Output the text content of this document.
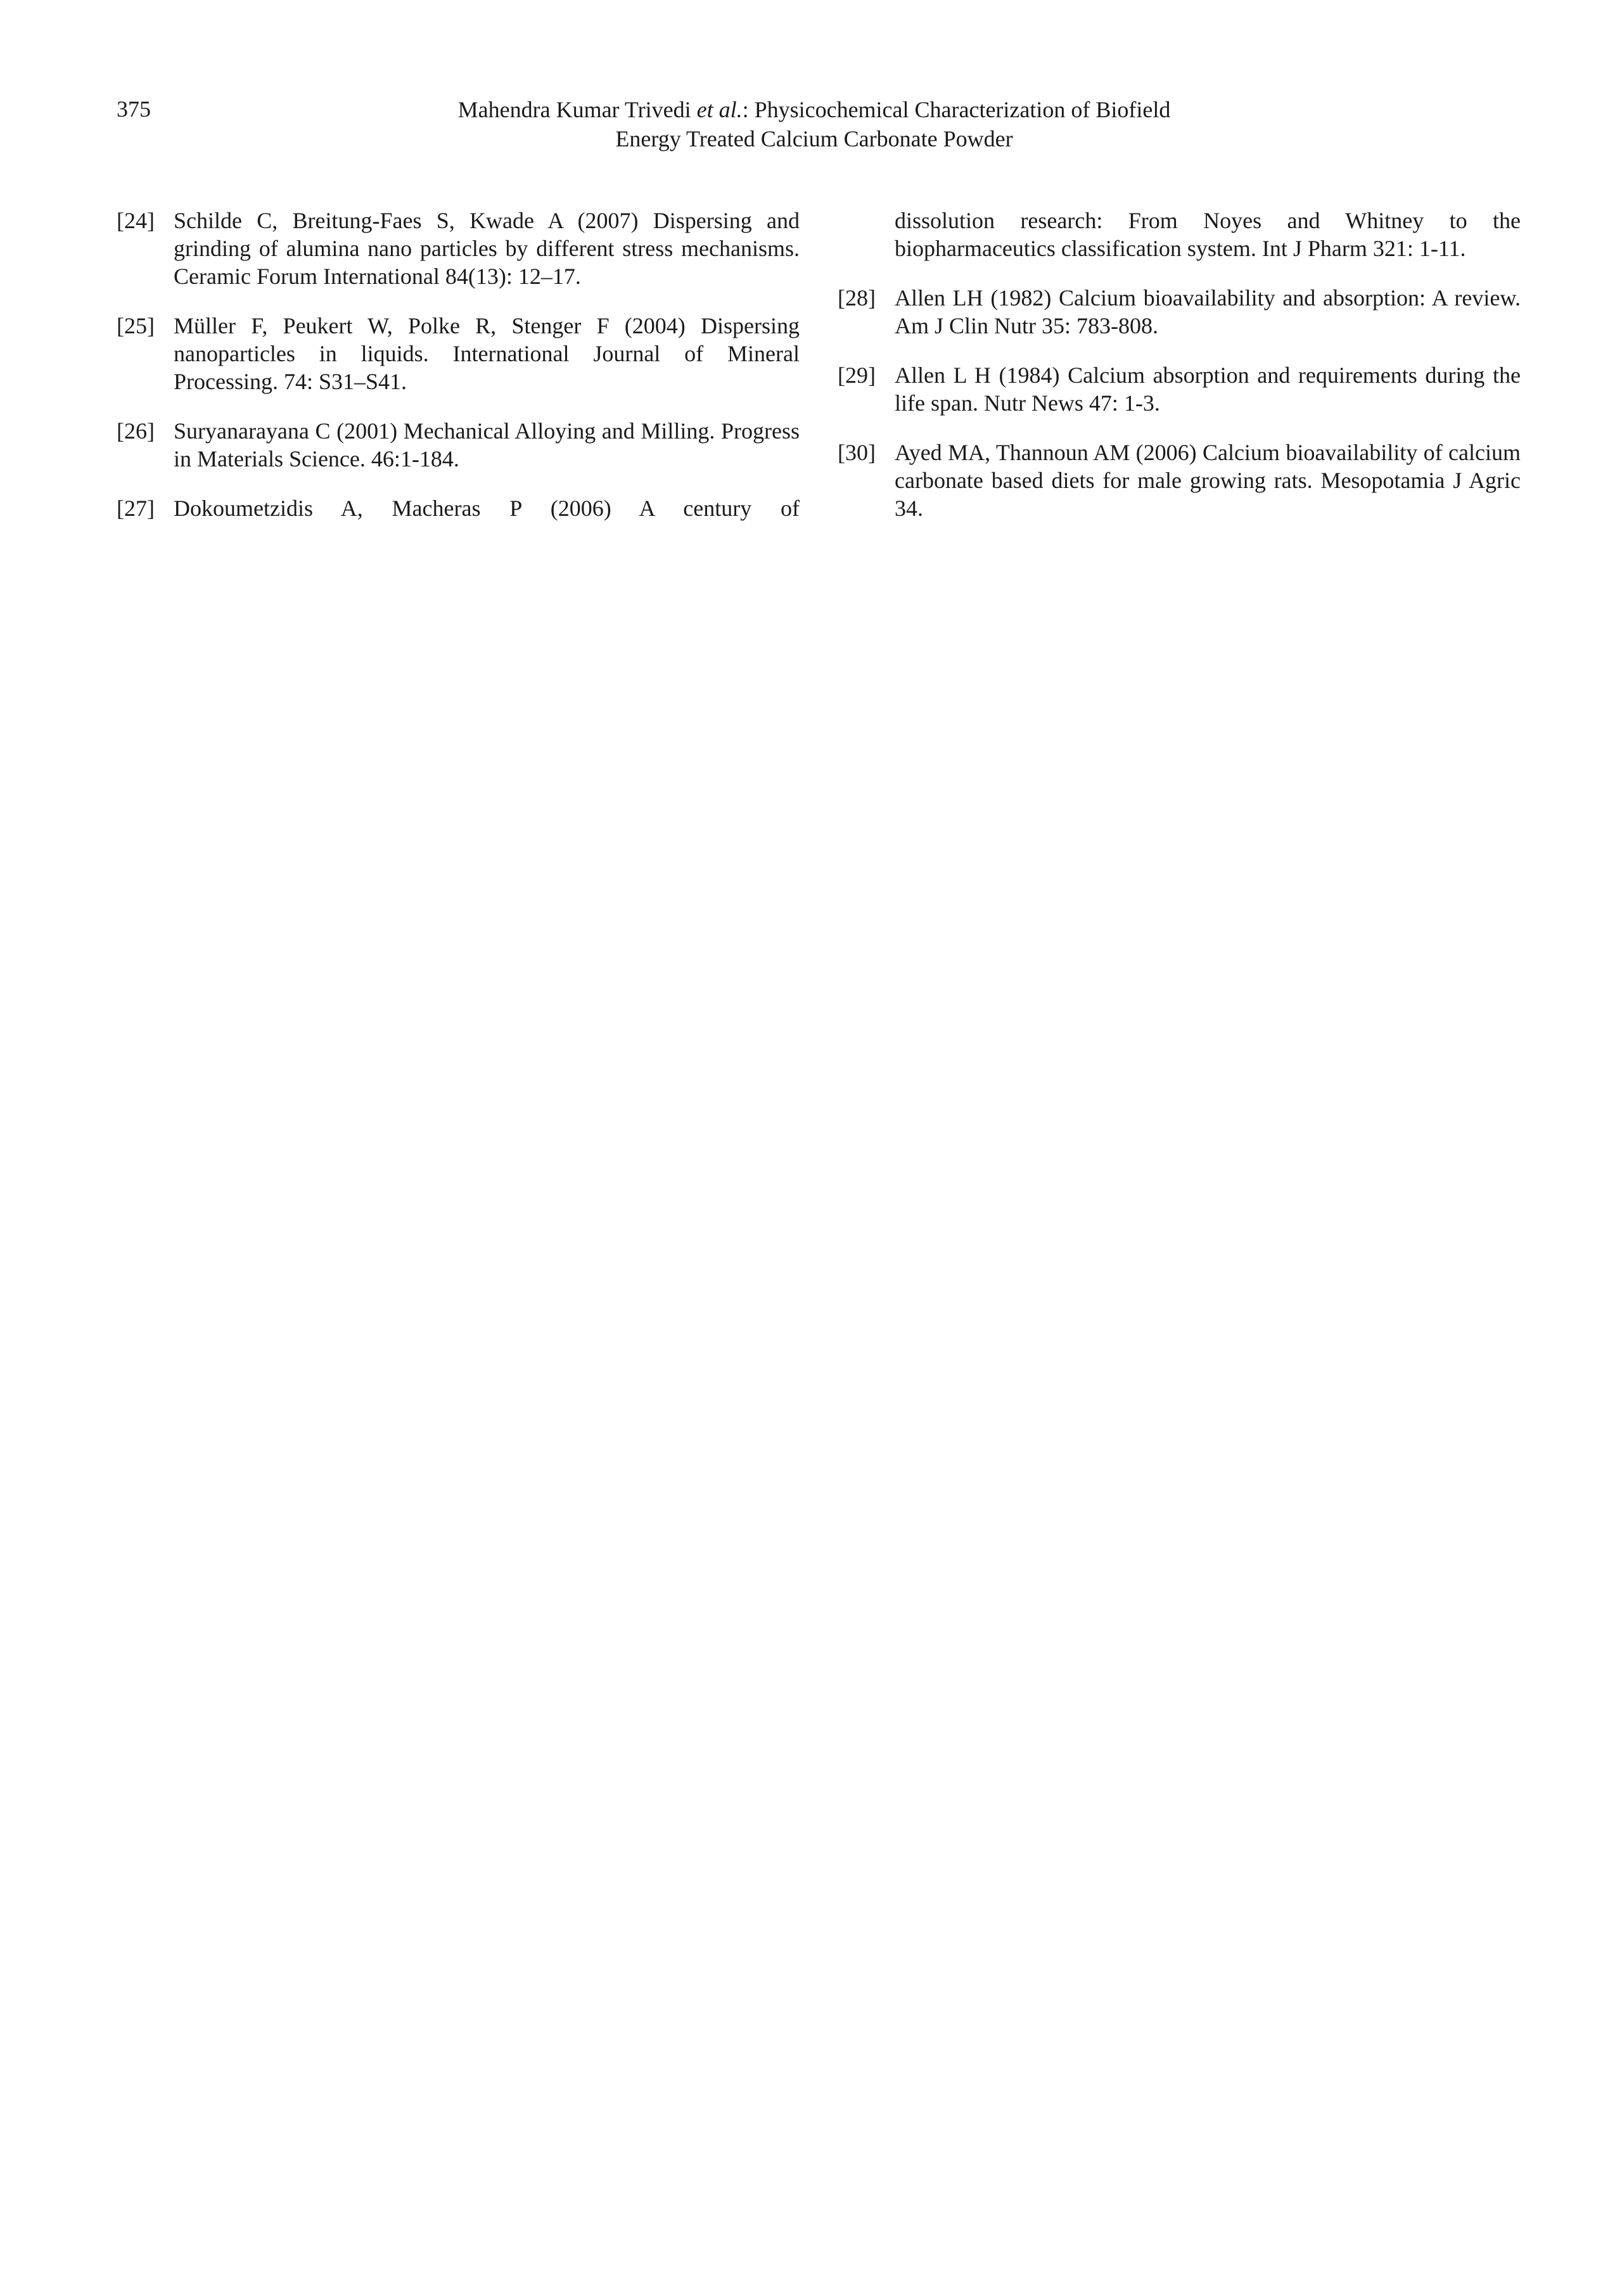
375	Mahendra Kumar Trivedi et al.: Physicochemical Characterization of Biofield
Energy Treated Calcium Carbonate Powder
[24] Schilde C, Breitung-Faes S, Kwade A (2007) Dispersing and grinding of alumina nano particles by different stress mechanisms. Ceramic Forum International 84(13): 12–17.
[25] Müller F, Peukert W, Polke R, Stenger F (2004) Dispersing nanoparticles in liquids. International Journal of Mineral Processing. 74: S31–S41.
[26] Suryanarayana C (2001) Mechanical Alloying and Milling. Progress in Materials Science. 46:1-184.
[27] Dokoumetzidis A, Macheras P (2006) A century of
dissolution research: From Noyes and Whitney to the biopharmaceutics classification system. Int J Pharm 321: 1-11.
[28] Allen LH (1982) Calcium bioavailability and absorption: A review. Am J Clin Nutr 35: 783-808.
[29] Allen L H (1984) Calcium absorption and requirements during the life span. Nutr News 47: 1-3.
[30] Ayed MA, Thannoun AM (2006) Calcium bioavailability of calcium carbonate based diets for male growing rats. Mesopotamia J Agric 34.
